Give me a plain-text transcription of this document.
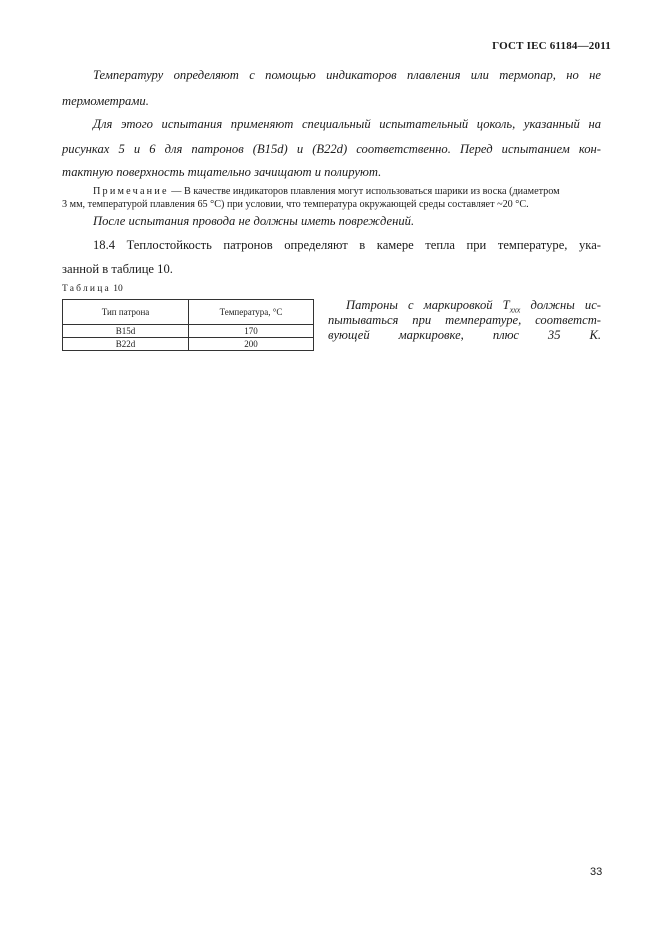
ГОСТ IEC 61184—2011
Температуру определяют с помощью индикаторов плавления или термопар, но не
термометрами.
Для этого испытания применяют специальный испытательный цоколь, указанный на
рисунках 5 и 6 для патронов (B15d) и (B22d) соответственно. Перед испытанием кон-
тактную поверхность тщательно зачищают и полируют.
Примечание — В качестве индикаторов плавления могут использоваться шарики из воска (диаметром
3 мм, температурой плавления 65 °С) при условии, что температура окружающей среды составляет ~20 °С.
После испытания провода не должны иметь повреждений.
18.4 Теплостойкость патронов определяют в камере тепла при температуре, ука-
занной в таблице 10.
Таблица 10
Тип патрона	Температура, °С
B15d	170
B22d	200
Патроны с маркировкой $T_{xxx}$ должны ис-
пытываться при температуре, соответст-
вующей маркировке, плюс 35 К.
33
